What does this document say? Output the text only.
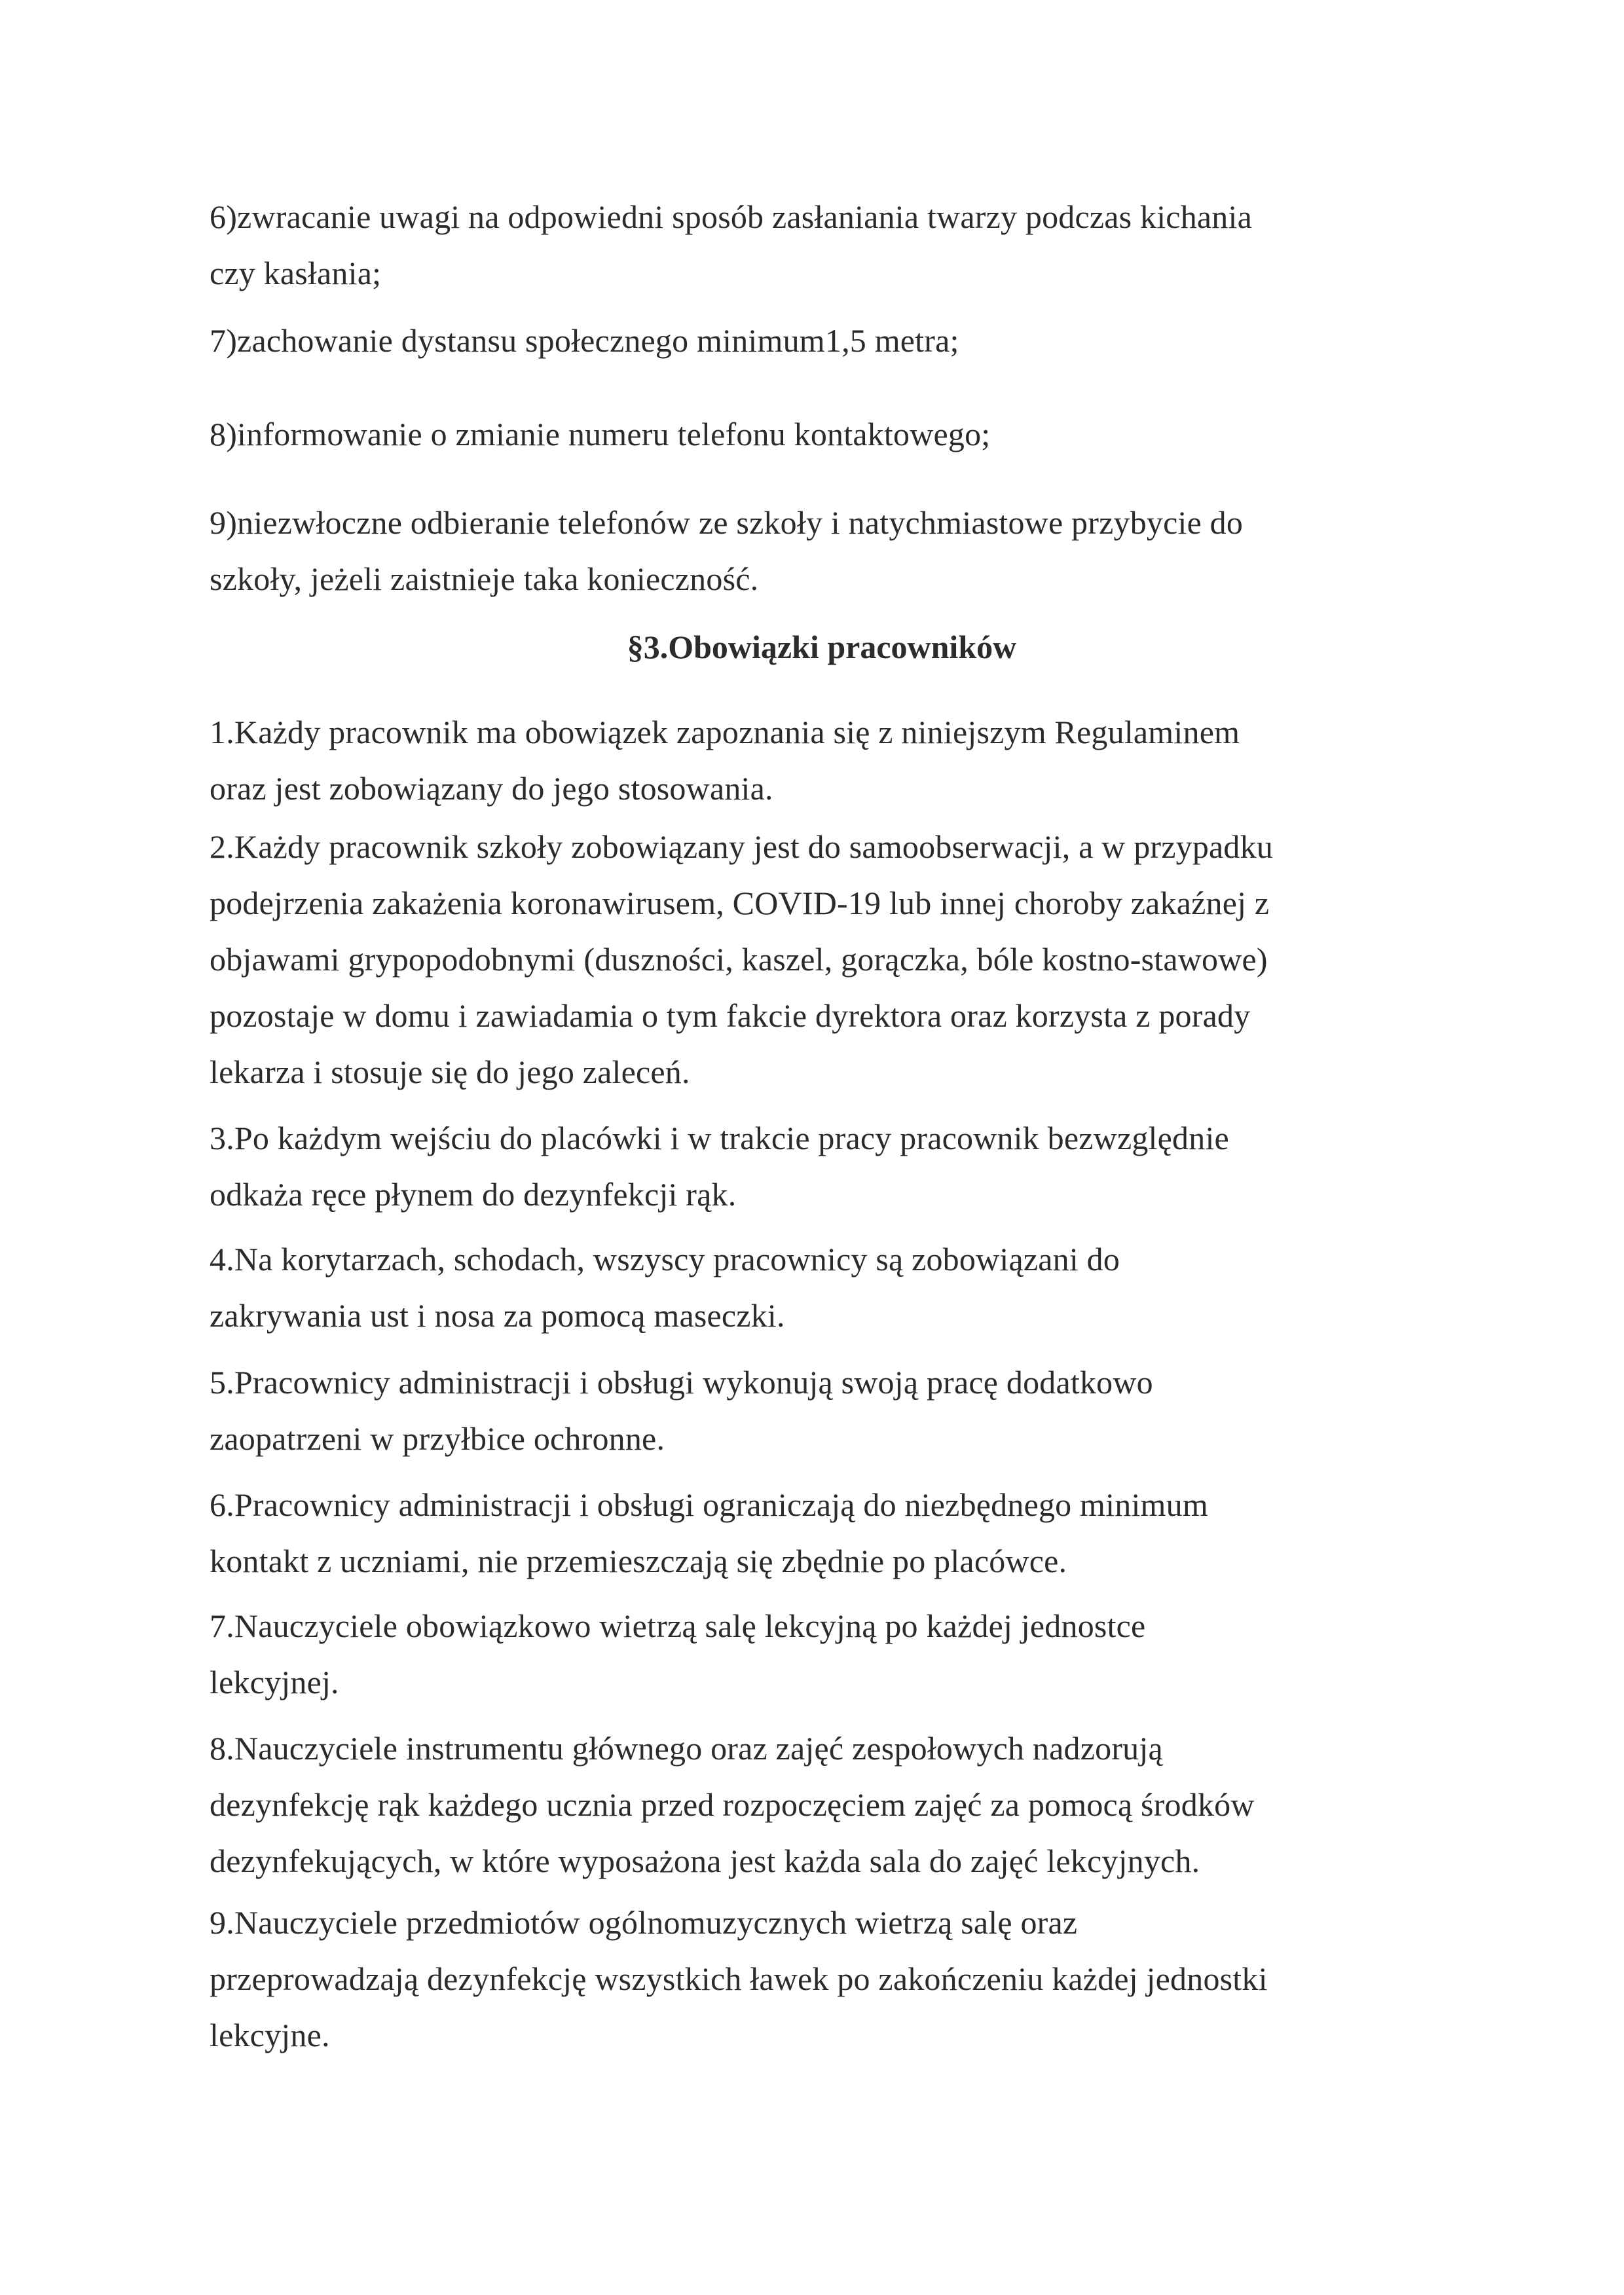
6)zwracanie uwagi na odpowiedni sposób zasłaniania twarzy podczas kichania
czy kasłania;

7)zachowanie dystansu społecznego minimum1,5 metra;

8)informowanie o zmianie numeru telefonu kontaktowego;

9)niezwłoczne odbieranie telefonów ze szkoły i natychmiastowe przybycie do
szkoły, jeżeli zaistnieje taka konieczność.

§3.Obowiązki pracowników

1.Każdy pracownik ma obowiązek zapoznania się z niniejszym Regulaminem
oraz jest zobowiązany do jego stosowania.

2.Każdy pracownik szkoły zobowiązany jest do samoobserwacji, a w przypadku
podejrzenia zakażenia koronawirusem, COVID-19 lub innej choroby zakaźnej z
objawami grypopodobnymi (duszności, kaszel, gorączka, bóle kostno-stawowe)
pozostaje w domu i zawiadamia o tym fakcie dyrektora oraz korzysta z porady
lekarza i stosuje się do jego zaleceń.

3.Po każdym wejściu do placówki i w trakcie pracy pracownik bezwzględnie
odkaża ręce płynem do dezynfekcji rąk.

4.Na korytarzach, schodach, wszyscy pracownicy są zobowiązani do
zakrywania ust i nosa za pomocą maseczki.

5.Pracownicy administracji i obsługi wykonują swoją pracę dodatkowo
zaopatrzeni w przyłbice ochronne.

6.Pracownicy administracji i obsługi ograniczają do niezbędnego minimum
kontakt z uczniami, nie przemieszczają się zbędnie po placówce.

7.Nauczyciele obowiązkowo wietrzą salę lekcyjną po każdej jednostce
lekcyjnej.

8.Nauczyciele instrumentu głównego oraz zajęć zespołowych nadzorują
dezynfekcję rąk każdego ucznia przed rozpoczęciem zajęć za pomocą środków
dezynfekujących, w które wyposażona jest każda sala do zajęć lekcyjnych.

9.Nauczyciele przedmiotów ogólnomuzycznych wietrzą salę oraz
przeprowadzają dezynfekcję wszystkich ławek po zakończeniu każdej jednostki
lekcyjne.
